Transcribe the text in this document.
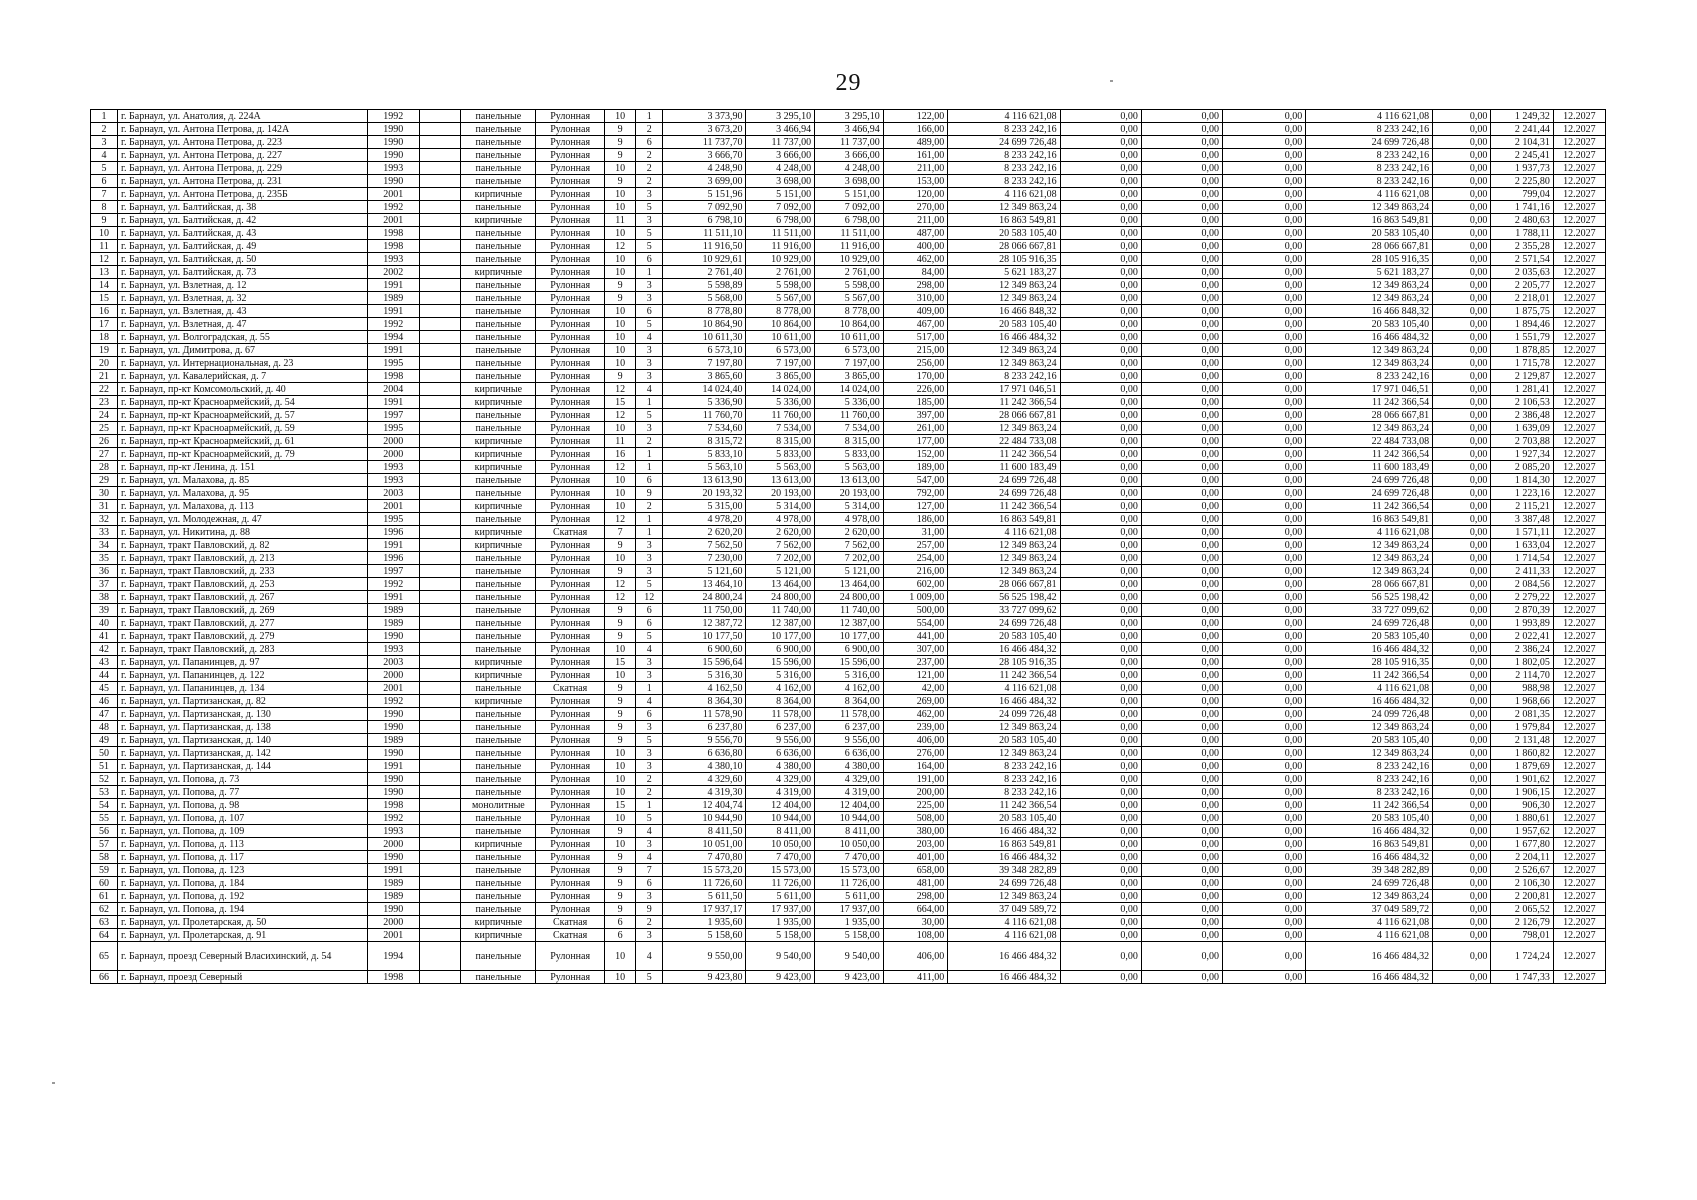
29
1	г. Барнаул, ул. Анатолия, д. 224А	1992		панельные	Рулонная	10	1	3 373,90	3 295,10	3 295,10	122,00	4 116 621,08	0,00	0,00	0,00	4 116 621,08	0,00	1 249,32	12.2027
2	г. Барнаул, ул. Антона Петрова, д. 142А	1990		панельные	Рулонная	9	2	3 673,20	3 466,94	3 466,94	166,00	8 233 242,16	0,00	0,00	0,00	8 233 242,16	0,00	2 241,44	12.2027
3	г. Барнаул, ул. Антона Петрова, д. 223	1990		панельные	Рулонная	9	6	11 737,70	11 737,00	11 737,00	489,00	24 699 726,48	0,00	0,00	0,00	24 699 726,48	0,00	2 104,31	12.2027
4	г. Барнаул, ул. Антона Петрова, д. 227	1990		панельные	Рулонная	9	2	3 666,70	3 666,00	3 666,00	161,00	8 233 242,16	0,00	0,00	0,00	8 233 242,16	0,00	2 245,41	12.2027
5	г. Барнаул, ул. Антона Петрова, д. 229	1993		панельные	Рулонная	10	2	4 248,90	4 248,00	4 248,00	211,00	8 233 242,16	0,00	0,00	0,00	8 233 242,16	0,00	1 937,73	12.2027
6	г. Барнаул, ул. Антона Петрова, д. 231	1990		панельные	Рулонная	9	2	3 699,00	3 698,00	3 698,00	153,00	8 233 242,16	0,00	0,00	0,00	8 233 242,16	0,00	2 225,80	12.2027
7	г. Барнаул, ул. Антона Петрова, д. 235Б	2001		кирпичные	Рулонная	10	3	5 151,96	5 151,00	5 151,00	120,00	4 116 621,08	0,00	0,00	0,00	4 116 621,08	0,00	799,04	12.2027
8	г. Барнаул, ул. Балтийская, д. 38	1992		панельные	Рулонная	10	5	7 092,90	7 092,00	7 092,00	270,00	12 349 863,24	0,00	0,00	0,00	12 349 863,24	0,00	1 741,16	12.2027
9	г. Барнаул, ул. Балтийская, д. 42	2001		кирпичные	Рулонная	11	3	6 798,10	6 798,00	6 798,00	211,00	16 863 549,81	0,00	0,00	0,00	16 863 549,81	0,00	2 480,63	12.2027
10	г. Барнаул, ул. Балтийская, д. 43	1998		панельные	Рулонная	10	5	11 511,10	11 511,00	11 511,00	487,00	20 583 105,40	0,00	0,00	0,00	20 583 105,40	0,00	1 788,11	12.2027
11	г. Барнаул, ул. Балтийская, д. 49	1998		панельные	Рулонная	12	5	11 916,50	11 916,00	11 916,00	400,00	28 066 667,81	0,00	0,00	0,00	28 066 667,81	0,00	2 355,28	12.2027
12	г. Барнаул, ул. Балтийская, д. 50	1993		панельные	Рулонная	10	6	10 929,61	10 929,00	10 929,00	462,00	28 105 916,35	0,00	0,00	0,00	28 105 916,35	0,00	2 571,54	12.2027
13	г. Барнаул, ул. Балтийская, д. 73	2002		кирпичные	Рулонная	10	1	2 761,40	2 761,00	2 761,00	84,00	5 621 183,27	0,00	0,00	0,00	5 621 183,27	0,00	2 035,63	12.2027
14	г. Барнаул, ул. Взлетная, д. 12	1991		панельные	Рулонная	9	3	5 598,89	5 598,00	5 598,00	298,00	12 349 863,24	0,00	0,00	0,00	12 349 863,24	0,00	2 205,77	12.2027
15	г. Барнаул, ул. Взлетная, д. 32	1989		панельные	Рулонная	9	3	5 568,00	5 567,00	5 567,00	310,00	12 349 863,24	0,00	0,00	0,00	12 349 863,24	0,00	2 218,01	12.2027
16	г. Барнаул, ул. Взлетная, д. 43	1991		панельные	Рулонная	10	6	8 778,80	8 778,00	8 778,00	409,00	16 466 848,32	0,00	0,00	0,00	16 466 848,32	0,00	1 875,75	12.2027
17	г. Барнаул, ул. Взлетная, д. 47	1992		панельные	Рулонная	10	5	10 864,90	10 864,00	10 864,00	467,00	20 583 105,40	0,00	0,00	0,00	20 583 105,40	0,00	1 894,46	12.2027
18	г. Барнаул, ул. Волгоградская, д. 55	1994		панельные	Рулонная	10	4	10 611,30	10 611,00	10 611,00	517,00	16 466 484,32	0,00	0,00	0,00	16 466 484,32	0,00	1 551,79	12.2027
19	г. Барнаул, ул. Димитрова, д. 67	1991		панельные	Рулонная	10	3	6 573,10	6 573,00	6 573,00	215,00	12 349 863,24	0,00	0,00	0,00	12 349 863,24	0,00	1 878,85	12.2027
20	г. Барнаул, ул. Интернациональная, д. 23	1995		панельные	Рулонная	10	3	7 197,80	7 197,00	7 197,00	256,00	12 349 863,24	0,00	0,00	0,00	12 349 863,24	0,00	1 715,78	12.2027
21	г. Барнаул, ул. Кавалерийская, д. 7	1998		панельные	Рулонная	9	3	3 865,60	3 865,00	3 865,00	170,00	8 233 242,16	0,00	0,00	0,00	8 233 242,16	0,00	2 129,87	12.2027
22	г. Барнаул, пр-кт Комсомольский, д. 40	2004		кирпичные	Рулонная	12	4	14 024,40	14 024,00	14 024,00	226,00	17 971 046,51	0,00	0,00	0,00	17 971 046,51	0,00	1 281,41	12.2027
23	г. Барнаул, пр-кт Красноармейский, д. 54	1991		кирпичные	Рулонная	15	1	5 336,90	5 336,00	5 336,00	185,00	11 242 366,54	0,00	0,00	0,00	11 242 366,54	0,00	2 106,53	12.2027
24	г. Барнаул, пр-кт Красноармейский, д. 57	1997		панельные	Рулонная	12	5	11 760,70	11 760,00	11 760,00	397,00	28 066 667,81	0,00	0,00	0,00	28 066 667,81	0,00	2 386,48	12.2027
25	г. Барнаул, пр-кт Красноармейский, д. 59	1995		панельные	Рулонная	10	3	7 534,60	7 534,00	7 534,00	261,00	12 349 863,24	0,00	0,00	0,00	12 349 863,24	0,00	1 639,09	12.2027
26	г. Барнаул, пр-кт Красноармейский, д. 61	2000		кирпичные	Рулонная	11	2	8 315,72	8 315,00	8 315,00	177,00	22 484 733,08	0,00	0,00	0,00	22 484 733,08	0,00	2 703,88	12.2027
27	г. Барнаул, пр-кт Красноармейский, д. 79	2000		кирпичные	Рулонная	16	1	5 833,10	5 833,00	5 833,00	152,00	11 242 366,54	0,00	0,00	0,00	11 242 366,54	0,00	1 927,34	12.2027
28	г. Барнаул, пр-кт Ленина, д. 151	1993		кирпичные	Рулонная	12	1	5 563,10	5 563,00	5 563,00	189,00	11 600 183,49	0,00	0,00	0,00	11 600 183,49	0,00	2 085,20	12.2027
29	г. Барнаул, ул. Малахова, д. 85	1993		панельные	Рулонная	10	6	13 613,90	13 613,00	13 613,00	547,00	24 699 726,48	0,00	0,00	0,00	24 699 726,48	0,00	1 814,30	12.2027
30	г. Барнаул, ул. Малахова, д. 95	2003		панельные	Рулонная	10	9	20 193,32	20 193,00	20 193,00	792,00	24 699 726,48	0,00	0,00	0,00	24 699 726,48	0,00	1 223,16	12.2027
31	г. Барнаул, ул. Малахова, д. 113	2001		кирпичные	Рулонная	10	2	5 315,00	5 314,00	5 314,00	127,00	11 242 366,54	0,00	0,00	0,00	11 242 366,54	0,00	2 115,21	12.2027
32	г. Барнаул, ул. Молодежная, д. 47	1995		панельные	Рулонная	12	1	4 978,20	4 978,00	4 978,00	186,00	16 863 549,81	0,00	0,00	0,00	16 863 549,81	0,00	3 387,48	12.2027
33	г. Барнаул, ул. Никитина, д. 88	1996		кирпичные	Скатная	7	1	2 620,20	2 620,00	2 620,00	31,00	4 116 621,08	0,00	0,00	0,00	4 116 621,08	0,00	1 571,11	12.2027
34	г. Барнаул, тракт Павловский, д. 82	1991		кирпичные	Рулонная	9	3	7 562,50	7 562,00	7 562,00	257,00	12 349 863,24	0,00	0,00	0,00	12 349 863,24	0,00	1 633,04	12.2027
35	г. Барнаул, тракт Павловский, д. 213	1996		панельные	Рулонная	10	3	7 230,00	7 202,00	7 202,00	254,00	12 349 863,24	0,00	0,00	0,00	12 349 863,24	0,00	1 714,54	12.2027
36	г. Барнаул, тракт Павловский, д. 233	1997		панельные	Рулонная	9	3	5 121,60	5 121,00	5 121,00	216,00	12 349 863,24	0,00	0,00	0,00	12 349 863,24	0,00	2 411,33	12.2027
37	г. Барнаул, тракт Павловский, д. 253	1992		панельные	Рулонная	12	5	13 464,10	13 464,00	13 464,00	602,00	28 066 667,81	0,00	0,00	0,00	28 066 667,81	0,00	2 084,56	12.2027
38	г. Барнаул, тракт Павловский, д. 267	1991		панельные	Рулонная	12	12	24 800,24	24 800,00	24 800,00	1 009,00	56 525 198,42	0,00	0,00	0,00	56 525 198,42	0,00	2 279,22	12.2027
39	г. Барнаул, тракт Павловский, д. 269	1989		панельные	Рулонная	9	6	11 750,00	11 740,00	11 740,00	500,00	33 727 099,62	0,00	0,00	0,00	33 727 099,62	0,00	2 870,39	12.2027
40	г. Барнаул, тракт Павловский, д. 277	1989		панельные	Рулонная	9	6	12 387,72	12 387,00	12 387,00	554,00	24 699 726,48	0,00	0,00	0,00	24 699 726,48	0,00	1 993,89	12.2027
41	г. Барнаул, тракт Павловский, д. 279	1990		панельные	Рулонная	9	5	10 177,50	10 177,00	10 177,00	441,00	20 583 105,40	0,00	0,00	0,00	20 583 105,40	0,00	2 022,41	12.2027
42	г. Барнаул, тракт Павловский, д. 283	1993		панельные	Рулонная	10	4	6 900,60	6 900,00	6 900,00	307,00	16 466 484,32	0,00	0,00	0,00	16 466 484,32	0,00	2 386,24	12.2027
43	г. Барнаул, ул. Папанинцев, д. 97	2003		кирпичные	Рулонная	15	3	15 596,64	15 596,00	15 596,00	237,00	28 105 916,35	0,00	0,00	0,00	28 105 916,35	0,00	1 802,05	12.2027
44	г. Барнаул, ул. Папанинцев, д. 122	2000		кирпичные	Рулонная	10	3	5 316,30	5 316,00	5 316,00	121,00	11 242 366,54	0,00	0,00	0,00	11 242 366,54	0,00	2 114,70	12.2027
45	г. Барнаул, ул. Папанинцев, д. 134	2001		панельные	Скатная	9	1	4 162,50	4 162,00	4 162,00	42,00	4 116 621,08	0,00	0,00	0,00	4 116 621,08	0,00	988,98	12.2027
46	г. Барнаул, ул. Партизанская, д. 82	1992		кирпичные	Рулонная	9	4	8 364,30	8 364,00	8 364,00	269,00	16 466 484,32	0,00	0,00	0,00	16 466 484,32	0,00	1 968,66	12.2027
47	г. Барнаул, ул. Партизанская, д. 130	1990		панельные	Рулонная	9	6	11 578,90	11 578,00	11 578,00	462,00	24 099 726,48	0,00	0,00	0,00	24 099 726,48	0,00	2 081,35	12.2027
48	г. Барнаул, ул. Партизанская, д. 138	1990		панельные	Рулонная	9	3	6 237,80	6 237,00	6 237,00	239,00	12 349 863,24	0,00	0,00	0,00	12 349 863,24	0,00	1 979,84	12.2027
49	г. Барнаул, ул. Партизанская, д. 140	1989		панельные	Рулонная	9	5	9 556,70	9 556,00	9 556,00	406,00	20 583 105,40	0,00	0,00	0,00	20 583 105,40	0,00	2 131,48	12.2027
50	г. Барнаул, ул. Партизанская, д. 142	1990		панельные	Рулонная	10	3	6 636,80	6 636,00	6 636,00	276,00	12 349 863,24	0,00	0,00	0,00	12 349 863,24	0,00	1 860,82	12.2027
51	г. Барнаул, ул. Партизанская, д. 144	1991		панельные	Рулонная	10	3	4 380,10	4 380,00	4 380,00	164,00	8 233 242,16	0,00	0,00	0,00	8 233 242,16	0,00	1 879,69	12.2027
52	г. Барнаул, ул. Попова, д. 73	1990		панельные	Рулонная	10	2	4 329,60	4 329,00	4 329,00	191,00	8 233 242,16	0,00	0,00	0,00	8 233 242,16	0,00	1 901,62	12.2027
53	г. Барнаул, ул. Попова, д. 77	1990		панельные	Рулонная	10	2	4 319,30	4 319,00	4 319,00	200,00	8 233 242,16	0,00	0,00	0,00	8 233 242,16	0,00	1 906,15	12.2027
54	г. Барнаул, ул. Попова, д. 98	1998		монолитные	Рулонная	15	1	12 404,74	12 404,00	12 404,00	225,00	11 242 366,54	0,00	0,00	0,00	11 242 366,54	0,00	906,30	12.2027
55	г. Барнаул, ул. Попова, д. 107	1992		панельные	Рулонная	10	5	10 944,90	10 944,00	10 944,00	508,00	20 583 105,40	0,00	0,00	0,00	20 583 105,40	0,00	1 880,61	12.2027
56	г. Барнаул, ул. Попова, д. 109	1993		панельные	Рулонная	9	4	8 411,50	8 411,00	8 411,00	380,00	16 466 484,32	0,00	0,00	0,00	16 466 484,32	0,00	1 957,62	12.2027
57	г. Барнаул, ул. Попова, д. 113	2000		кирпичные	Рулонная	10	3	10 051,00	10 050,00	10 050,00	203,00	16 863 549,81	0,00	0,00	0,00	16 863 549,81	0,00	1 677,80	12.2027
58	г. Барнаул, ул. Попова, д. 117	1990		панельные	Рулонная	9	4	7 470,80	7 470,00	7 470,00	401,00	16 466 484,32	0,00	0,00	0,00	16 466 484,32	0,00	2 204,11	12.2027
59	г. Барнаул, ул. Попова, д. 123	1991		панельные	Рулонная	9	7	15 573,20	15 573,00	15 573,00	658,00	39 348 282,89	0,00	0,00	0,00	39 348 282,89	0,00	2 526,67	12.2027
60	г. Барнаул, ул. Попова, д. 184	1989		панельные	Рулонная	9	6	11 726,60	11 726,00	11 726,00	481,00	24 699 726,48	0,00	0,00	0,00	24 699 726,48	0,00	2 106,30	12.2027
61	г. Барнаул, ул. Попова, д. 192	1989		панельные	Рулонная	9	3	5 611,50	5 611,00	5 611,00	298,00	12 349 863,24	0,00	0,00	0,00	12 349 863,24	0,00	2 200,81	12.2027
62	г. Барнаул, ул. Попова, д. 194	1990		панельные	Рулонная	9	9	17 937,17	17 937,00	17 937,00	664,00	37 049 589,72	0,00	0,00	0,00	37 049 589,72	0,00	2 065,52	12.2027
63	г. Барнаул, ул. Пролетарская, д. 50	2000		кирпичные	Скатная	6	2	1 935,60	1 935,00	1 935,00	30,00	4 116 621,08	0,00	0,00	0,00	4 116 621,08	0,00	2 126,79	12.2027
64	г. Барнаул, ул. Пролетарская, д. 91	2001		кирпичные	Скатная	6	3	5 158,60	5 158,00	5 158,00	108,00	4 116 621,08	0,00	0,00	0,00	4 116 621,08	0,00	798,01	12.2027
65	г. Барнаул, проезд Северный Власихинский, д. 54	1994		панельные	Рулонная	10	4	9 550,00	9 540,00	9 540,00	406,00	16 466 484,32	0,00	0,00	0,00	16 466 484,32	0,00	1 724,24	12.2027
66	г. Барнаул, проезд Северный	1998		панельные	Рулонная	10	5	9 423,80	9 423,00	9 423,00	411,00	16 466 484,32	0,00	0,00	0,00	16 466 484,32	0,00	1 747,33	12.2027
